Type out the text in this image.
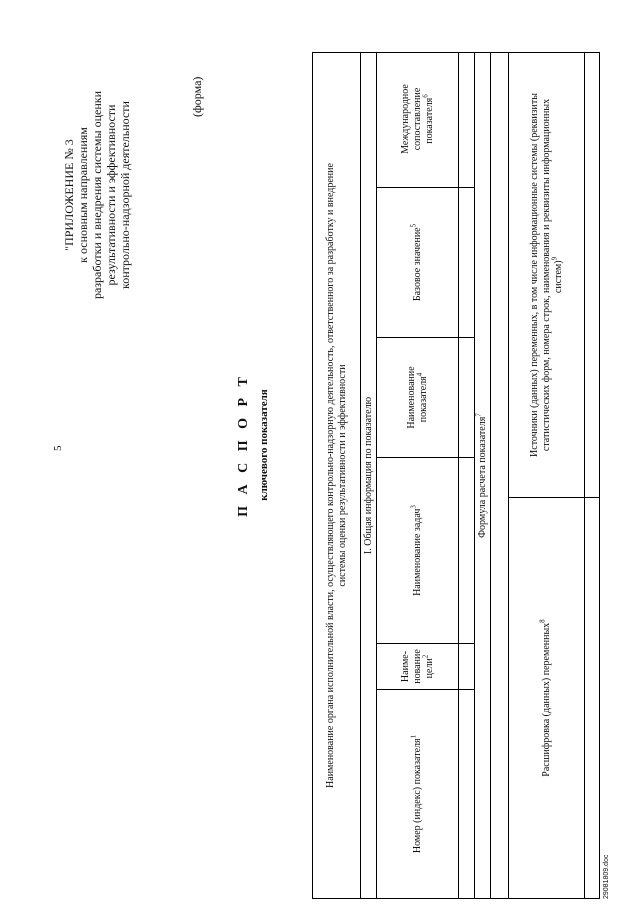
5
"ПРИЛОЖЕНИЕ № 3 к основным направлениям разработки и внедрения системы оценки результативности и эффективности контрольно-надзорной деятельности
(форма)
П А С П О Р Т ключевого показателя	Наименование органа исполнительной власти, осуществляющего контрольно-надзорную деятельность, ответственного за разработку и внедрение системы оценки результативности и эффективности I. Общая информация по показателю
Номер (индекс) показателя$^1$
Наиме- нование цели$^2$
Наименование задач$^3$
Наименование показателя$^4$
Базовое значение$^5$
Международное сопоставление показателя$^6$
Формула расчета показателя$^7$
Расшифровка (данных) переменных$^8$
Источники (данных) переменных, в том числе информационные системы (реквизиты статистических форм, номера строк, наименования и реквизиты информационных систем)$^9$
29081809.doc
